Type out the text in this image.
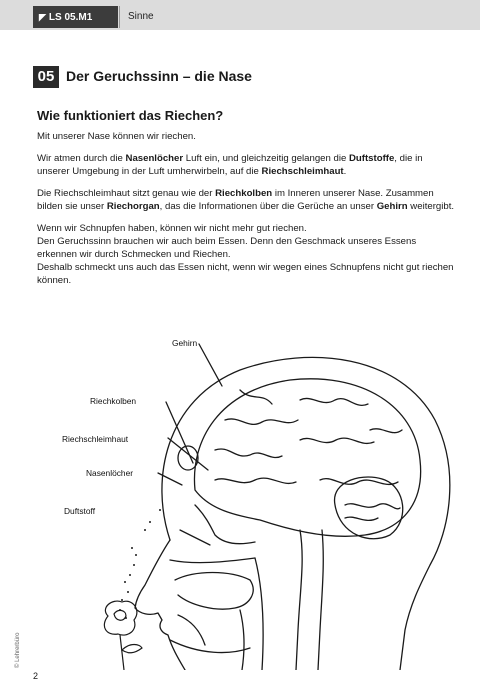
◤ LS 05.M1	Sinne
05 Der Geruchssinn – die Nase
Wie funktioniert das Riechen?

Mit unserer Nase können wir riechen.

Wir atmen durch die Nasenlöcher Luft ein, und gleichzeitig gelangen die Duftstoffe, die in unserer Umgebung in der Luft umherwirbeln, auf die Riechschleimhaut.

Die Riechschleimhaut sitzt genau wie der Riechkolben im Inneren unserer Nase. Zusammen bilden sie unser Riechorgan, das die Informationen über die Gerüche an unser Gehirn weitergibt.

Wenn wir Schnupfen haben, können wir nicht mehr gut riechen.
Den Geruchssinn brauchen wir auch beim Essen. Denn den Geschmack unseres Essens erkennen wir durch Schmecken und Riechen.
Deshalb schmeckt uns auch das Essen nicht, wenn wir wegen eines Schnupfens nicht gut riechen können.

Gehirn
Riechkolben
Riechschleimhaut
Nasenlöcher
Duftstoff
© Lehrerbüro
2
